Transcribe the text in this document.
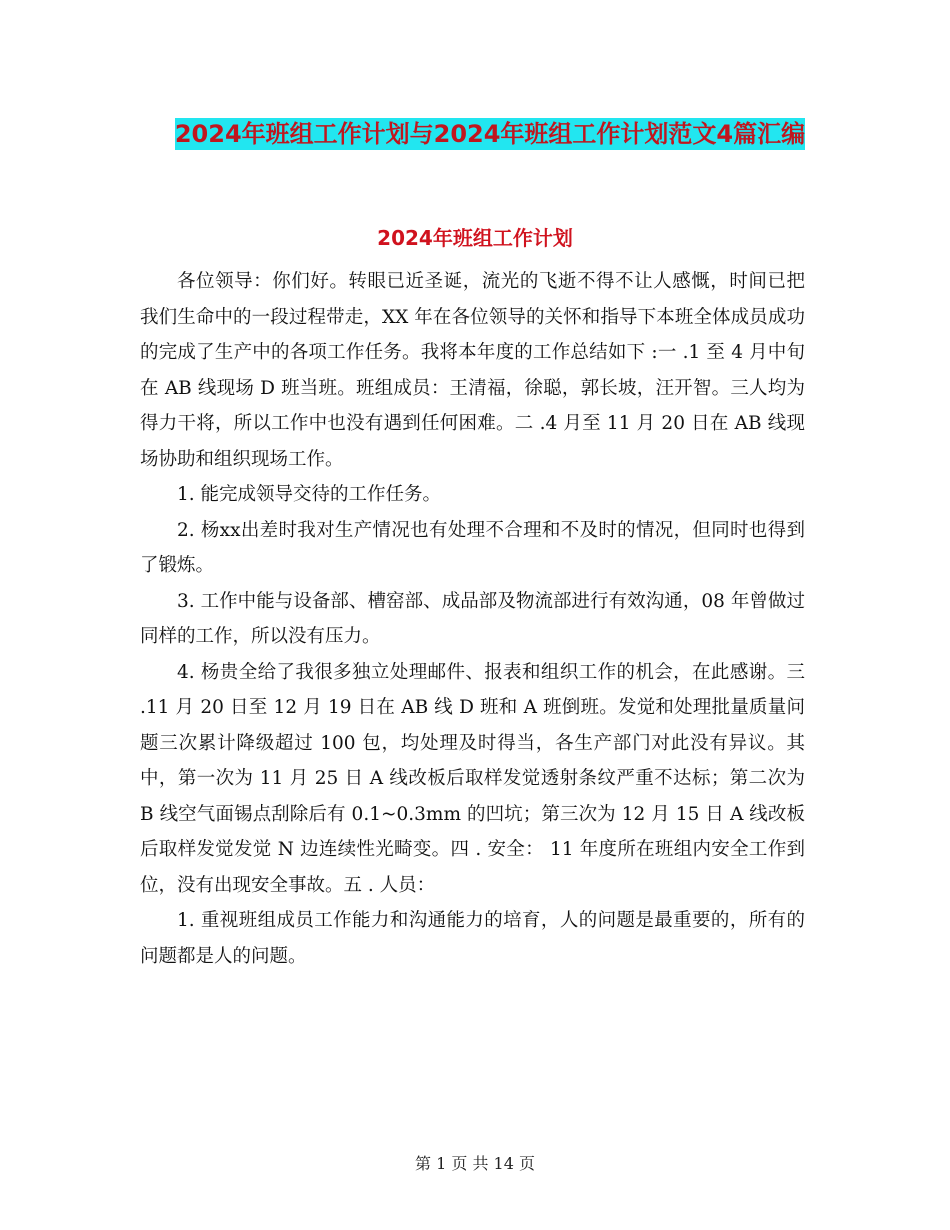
2024年班组工作计划与2024年班组工作计划范文4篇汇编
2024年班组工作计划

各位领导：你们好。转眼已近圣诞，流光的飞逝不得不让人感慨，时间已把我们生命中的一段过程带走，XX 年在各位领导的关怀和指导下本班全体成员成功的完成了生产中的各项工作任务。我将本年度的工作总结如下 :一 .1 至 4 月中旬在 AB 线现场 D 班当班。班组成员：王清福，徐聪，郭长坡，汪开智。三人均为得力干将，所以工作中也没有遇到任何困难。二 .4 月至 11 月 20 日在 AB 线现场协助和组织现场工作。

1. 能完成领导交待的工作任务。

2. 杨xx出差时我对生产情况也有处理不合理和不及时的情况，但同时也得到了锻炼。

3. 工作中能与设备部、槽窑部、成品部及物流部进行有效沟通，08 年曾做过同样的工作，所以没有压力。

4. 杨贵全给了我很多独立处理邮件、报表和组织工作的机会，在此感谢。三 .11 月 20 日至 12 月 19 日在 AB 线 D 班和 A 班倒班。发觉和处理批量质量问题三次累计降级超过 100 包，均处理及时得当，各生产部门对此没有异议。其中，第一次为 11 月 25 日 A 线改板后取样发觉透射条纹严重不达标；第二次为 B 线空气面锡点刮除后有 0.1~0.3mm 的凹坑；第三次为 12 月 15 日 A 线改板后取样发觉发觉 N 边连续性光畸变。四 . 安全： 11 年度所在班组内安全工作到位，没有出现安全事故。五 . 人员：

1. 重视班组成员工作能力和沟通能力的培育，人的问题是最重要的，所有的问题都是人的问题。

第 1 页 共 14 页
